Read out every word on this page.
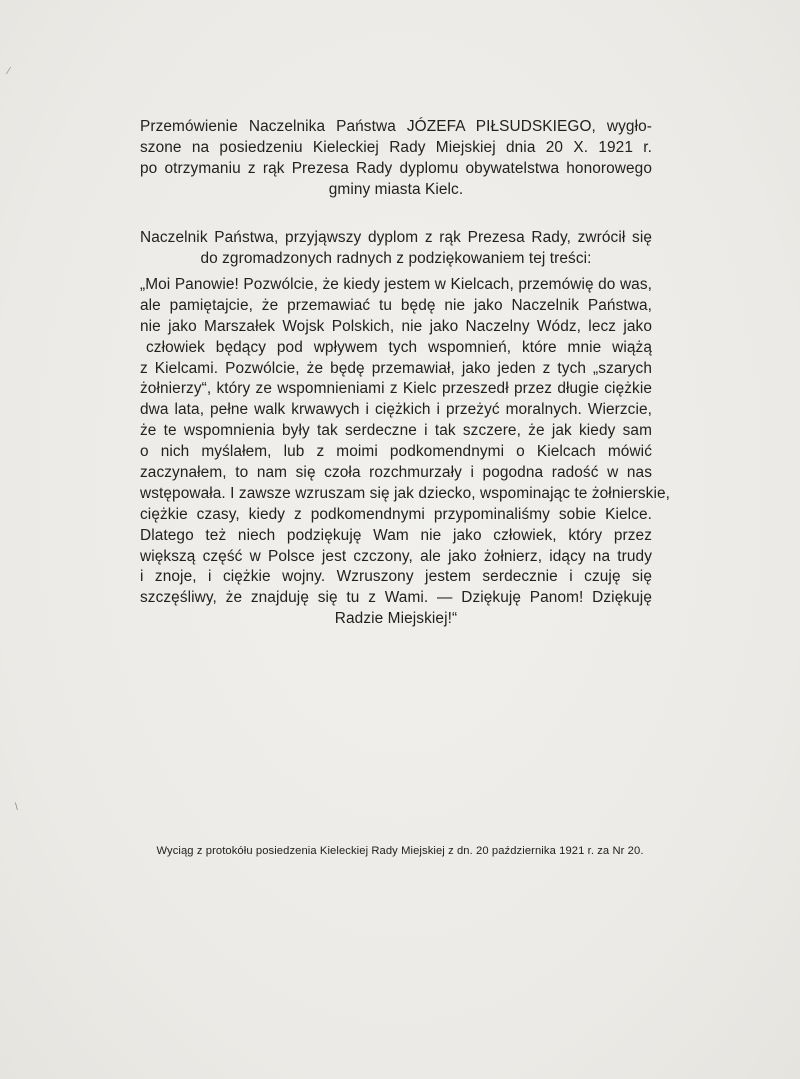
⁄
\
Przemówienie Naczelnika Państwa JÓZEFA PIŁSUDSKIEGO, wygło-
szone na posiedzeniu Kieleckiej Rady Miejskiej dnia 20 X. 1921 r.
po otrzymaniu z rąk Prezesa Rady dyplomu obywatelstwa honorowego
gminy miasta Kielc.
Naczelnik Państwa, przyjąwszy dyplom z rąk Prezesa Rady, zwrócił się
do zgromadzonych radnych z podziękowaniem tej treści:
„Moi Panowie! Pozwólcie, że kiedy jestem w Kielcach, przemówię do was,
ale pamiętajcie, że przemawiać tu będę nie jako Naczelnik Państwa,
nie jako Marszałek Wojsk Polskich, nie jako Naczelny Wódz, lecz jako
człowiek będący pod wpływem tych wspomnień, które mnie wiążą
z Kielcami. Pozwólcie, że będę przemawiał, jako jeden z tych „szarych
żołnierzy“, który ze wspomnieniami z Kielc przeszedł przez długie ciężkie
dwa lata, pełne walk krwawych i ciężkich i przeżyć moralnych. Wierzcie,
że te wspomnienia były tak serdeczne i tak szczere, że jak kiedy sam
o nich myślałem, lub z moimi podkomendnymi o Kielcach mówić
zaczynałem, to nam się czoła rozchmurzały i pogodna radość w nas
wstępowała. I zawsze wzruszam się jak dziecko, wspominając te żołnierskie,
ciężkie czasy, kiedy z podkomendnymi przypominaliśmy sobie Kielce.
Dlatego też niech podziękuję Wam nie jako człowiek, który przez
większą część w Polsce jest czczony, ale jako żołnierz, idący na trudy
i znoje, i ciężkie wojny. Wzruszony jestem serdecznie i czuję się
szczęśliwy, że znajduję się tu z Wami. — Dziękuję Panom! Dziękuję
Radzie Miejskiej!“
Wyciąg z protokółu posiedzenia Kieleckiej Rady Miejskiej z dn. 20 października 1921 r. za Nr 20.
